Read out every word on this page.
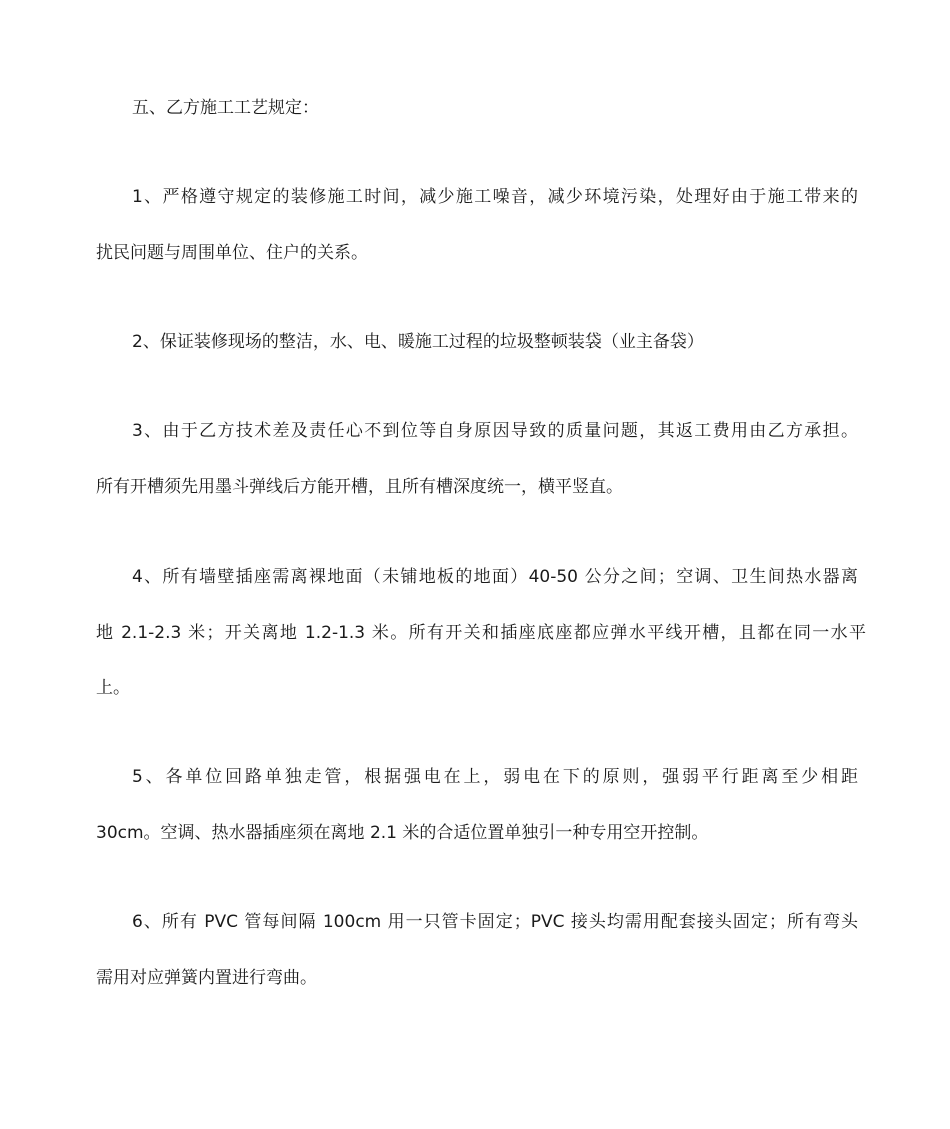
五、乙方施工工艺规定：
1、严格遵守规定的装修施工时间，减少施工噪音，减少环境污染，处理好由于施工带来的
扰民问题与周围单位、住户的关系。
2、保证装修现场的整洁，水、电、暖施工过程的垃圾整顿装袋（业主备袋）
3、由于乙方技术差及责任心不到位等自身原因导致的质量问题，其返工费用由乙方承担。
所有开槽须先用墨斗弹线后方能开槽，且所有槽深度统一，横平竖直。
4、所有墙壁插座需离裸地面（未铺地板的地面）40-50 公分之间；空调、卫生间热水器离
地 2.1-2.3 米；开关离地 1.2-1.3 米。所有开关和插座底座都应弹水平线开槽，且都在同一水平
上。
5、各单位回路单独走管，根据强电在上，弱电在下的原则，强弱平行距离至少相距
30cm。空调、热水器插座须在离地 2.1 米的合适位置单独引一种专用空开控制。
6、所有 PVC 管每间隔 100cm 用一只管卡固定；PVC 接头均需用配套接头固定；所有弯头
需用对应弹簧内置进行弯曲。
